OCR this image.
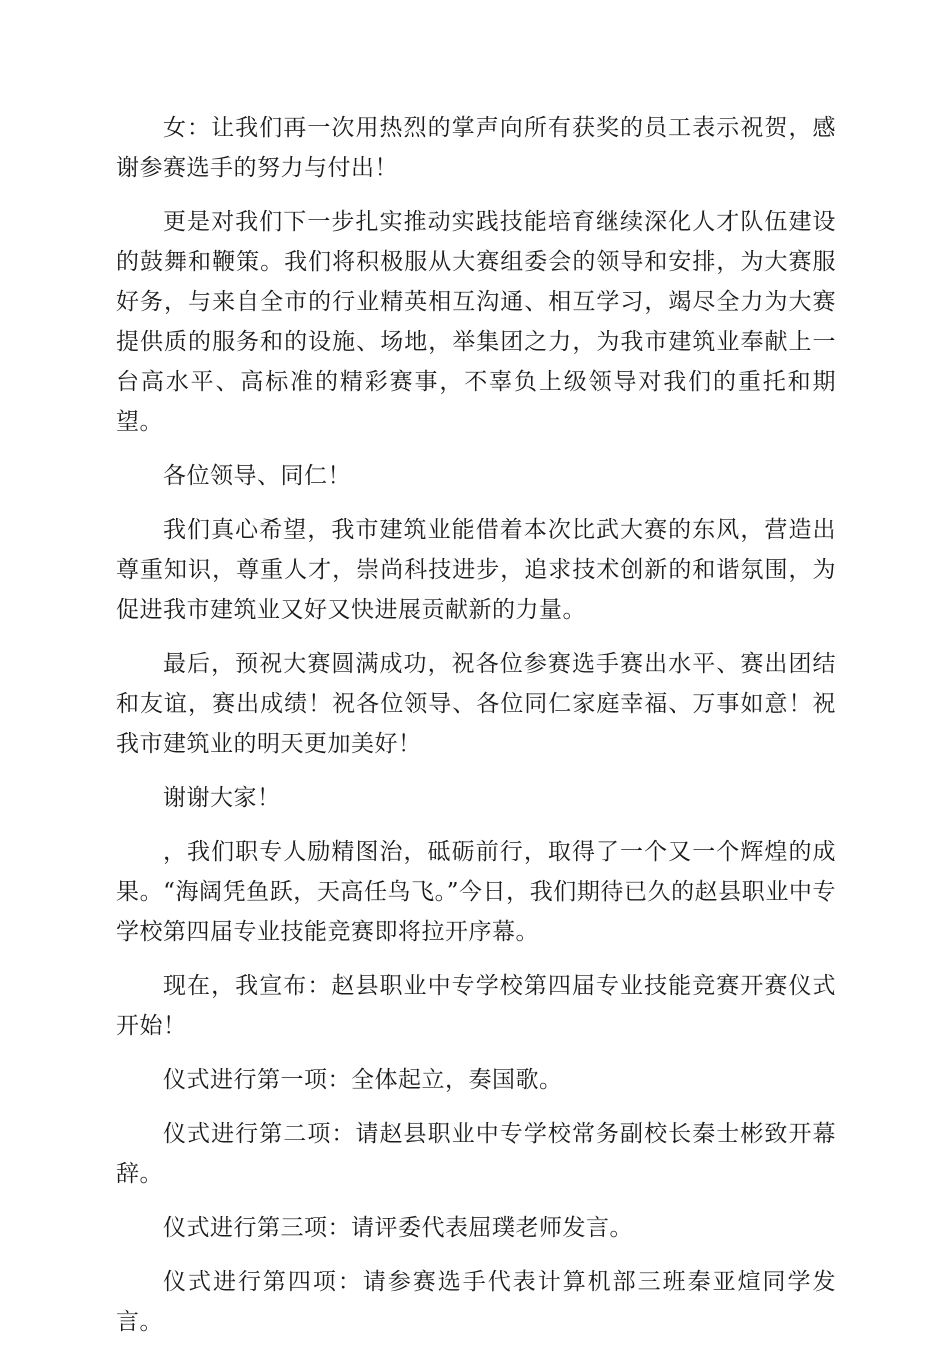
女：让我们再一次用热烈的掌声向所有获奖的员工表示祝贺，感谢参赛选手的努力与付出！

更是对我们下一步扎实推动实践技能培育继续深化人才队伍建设的鼓舞和鞭策。我们将积极服从大赛组委会的领导和安排，为大赛服好务，与来自全市的行业精英相互沟通、相互学习，竭尽全力为大赛提供质的服务和的设施、场地，举集团之力，为我市建筑业奉献上一台高水平、高标准的精彩赛事，不辜负上级领导对我们的重托和期望。

各位领导、同仁！

我们真心希望，我市建筑业能借着本次比武大赛的东风，营造出尊重知识，尊重人才，崇尚科技进步，追求技术创新的和谐氛围，为促进我市建筑业又好又快进展贡献新的力量。

最后，预祝大赛圆满成功，祝各位参赛选手赛出水平、赛出团结和友谊，赛出成绩！祝各位领导、各位同仁家庭幸福、万事如意！祝我市建筑业的明天更加美好！

谢谢大家！

，我们职专人励精图治，砥砺前行，取得了一个又一个辉煌的成果。“海阔凭鱼跃，天高任鸟飞。”今日，我们期待已久的赵县职业中专学校第四届专业技能竞赛即将拉开序幕。

现在，我宣布：赵县职业中专学校第四届专业技能竞赛开赛仪式开始！

仪式进行第一项：全体起立，奏国歌。

仪式进行第二项：请赵县职业中专学校常务副校长秦士彬致开幕辞。

仪式进行第三项：请评委代表屈璞老师发言。

仪式进行第四项：请参赛选手代表计算机部三班秦亚煊同学发言。
